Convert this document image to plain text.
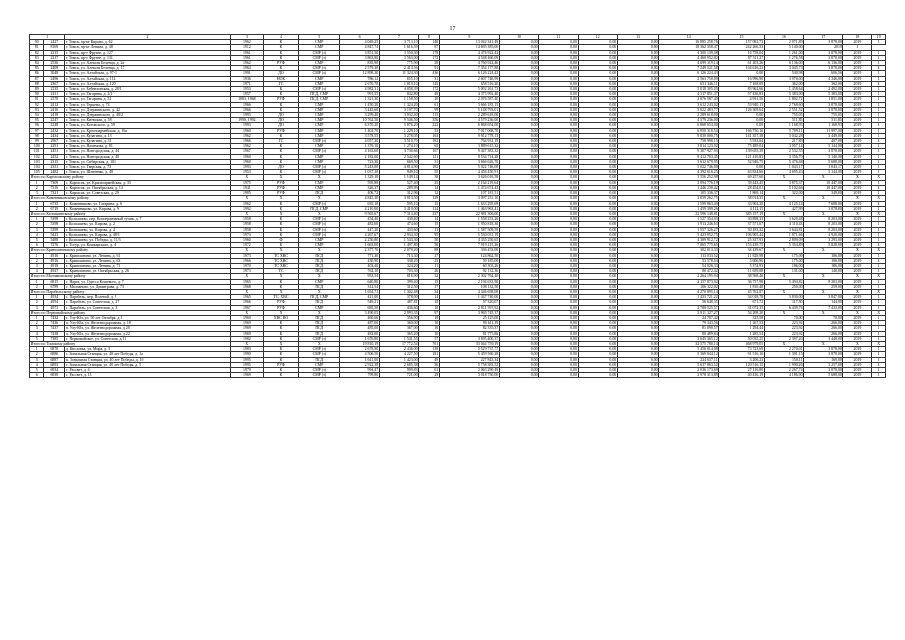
17
1		2	3	4	5	6	7	8	9	10	11	12	13	14	15	16	17	18	19
90	2427	г. Томск, пр-кт Кирова, д. 62	1962	К	СМР	4 049,25	3 713,10	140	13 042 341,49	0,00	0,00	0,00	0,00	16 885 258,76	157 082,73	2 971,89	3 878,00	2019	1
81	8169	г. Томск, пр-кт Ленина, д. 48	1912	К	СМР	4 847,74	1 616,59	87	14 695 385,00	0,00	0,00	0,00	0,00	18 362 358,47	242 266,53	5 140,00	2019	1	
82	2215	г. Томск, пр-т Фрунзе, д. 127	1961	К	СМР (з)	3 851,50	3 550,30	178	4 476 922,42	0,00	0,00	0,00	0,00	4 300 139,38	16 758,04	1 261,00	3 878,00	2019	1
83	2217	г. Томск, пр-т Фрунзе, д. 131	1961	К	СМР (з)	3 863,80	3 563,00	172	4 548 460,09	0,00	0,00	0,00	0,00	4 460 952,82	87 511,27	1 276,58	3 878,00	2019	1
84	2536	г. Томск, ул. Алексея Беленца, д. 2а	1962	РУФ	СМР	835,90	775,90	29	4 760 922,46	0,00	0,00	0,00	0,00	4 699 119,14	61 203,26	6 136,00	6 136,00	2019	1
85	2409	г. Томск, ул. Алексея Беленца, д. 17	1964	К	СМР (з)	2 579,30	2 414,56	91	7 354 177,80	0,00	0,00	0,00	0,00	7 249 521,58	104 616,22	3 045,73	3 878,00	2019	1
86	3048	г. Томск, ул. Алтайская, д. 97-1	1991	ДО	СМР (з)	12 898,30	11 324,30	436	6 126 224,43	0,00	0,00	0,00	0,00	6 126 224,43	0,00	540,98	606,56	2019	1
87	2496	г. Томск, ул. Алтайская, д. 114	1936	НОК	СМР	786,12	655,10	31	2 607 746,99	0,00	0,00	0,00	0,00	2 563 750,09	16 996,90	3 970,00	4 346,00	2019	1
88	2367	г. Томск, ул. Алтайская, д. 120	1971	ГС	СМР	2 670,70	1 819,10	145	658 516,20	0,00	0,00	0,00	0,00	651 346,11	7 168,09	362,00	362,00	2019	1
89	2235	г. Томск, ул. Бейнеховская, д. 28/1	1953	К	СМР (з)	4 982,31	4 058,39	172	5 002 261,73	0,00	0,00	0,00	0,00	5 018 305,05	83 962,66	1 458,64	2 492,00	2019	1
90	2411	г. Томск, ул. Гагарина, д. 2/1	1957	К	ПСД, СМР	991,35	842,80	49	4 375 992,40	0,00	0,00	0,00	0,00	4 317 851,37	57 436,83	5 383,00	5 383,00	2019	1
91	2570	г. Томск, ул. Гагарина, д. 52	1883, 1968	РУФ	ПСД, СМР	1 321,30	1 158,50	20	2 076 587,40	0,00	0,00	0,00	0,00	2 076 587,40	4 931,56	1 802,72	1 851,00	2019	1
92	2412	г. Томск, ул. Герцена, д. 74	1966	К	СМР	1 450,20	1 324,20	61	3 666 183,15	0,00	0,00	0,00	0,00	3 612 243,02	53 940,13	2 768,60	3 878,00	2019	1
93	2416	г. Томск, ул. Дзержинского, д. 42	1966	К	СМР	3 445,60	3 197,70	99	5 148 793,01	0,00	0,00	0,00	0,00	5 022 483,77	126 309,64	2 551,52	3 878,00	2019	1
94	2418	г. Томск, ул. Дзержинского, д. 48/2	1993	ДО	СМР	3 299,40	3 032,40	115	2 289 618,00	0,00	0,00	0,00	0,00	2 289 618,00	0,00	755,05	755,05	2019	1
95	2247	г. Томск, ул. Киевская, д. 58	1990, 1992	ДО	СМР	10 762,50	9 546,50	356	4 579 236,00	0,00	0,00	0,00	0,00	4 579 236,00	0,00	511,85	511,85	2019	1
96	2248	г. Томск, ул. Котовского, д. 59	1993	ДО	СМР	6 370,20	5 876,20	222	6 868 654,00	0,00	0,00	0,00	0,00	6 868 654,00	0,00	1 168,93	1 168,93	2019	1
97	2432	г. Томск, ул. Красноармейская, д. 16а	1960	РУФ	СМР	1 402,70	1 229,10	53	7 017 068,70	0,00	0,00	0,00	0,00	6 850 318,54	166 750,16	5 709,11	11 997,00	2019	1
98	2434	г. Томск, ул. Кулагина, д. 13	1962	К	СМР	3 578,55	3 278,05	163	9 912 778,13	0,00	0,00	0,00	0,00	9 830 000,75	141 357,38	3 042,28	3 449,00	2019	1
99	2967	г. Томск, ул. Кулагина, д. 31	1966	ГС	СМР (з)	4 057,30	3 510,70	182	764 931,19	0,00	0,00	0,00	0,00	758 998,15	5 933,04	217,89	407,00	2019	1
100	2291	г. Томск, ул. Нахимова, д. 81	1962	К	СМР	1 376,10	1 274,10	65	3 889 615,32	0,00	0,00	0,00	0,00	3 814 123,92	75 489,04	3 057,14	5 144,00	2019	1
101	2451	г. Томск, ул. Новгородская, д. 44	1967	К	СМР (з)	4 163,60	3 730,66	167	9 447 383,32	0,00	0,00	0,00	0,00	9 307 927,93	139 655,39	2 532,55	3 878,00	2019	1
102	2452	г. Томск, ул. Новгородская, д. 48	1960	К	СМР	2 182,00	2 542,60	121	8 534 714,28	0,00	0,00	0,00	0,00	8 412 703,45	121 410,83	3 356,70	5 140,00	2019	1
103	2315	г. Томск, ул. Сибирская, д. 101	1960	К	СМР	723,30	669,50	31	3 666 626,70	0,00	0,00	0,00	0,00	3 612 679,95	52 946,75	5 476,68	5 688,00	2019	1
104	2331	г. Томск, ул. Тверская, д. 73	1993	ДО	СМР (з)	5 243,00	4 814,90	182	5 022 746,00	0,00	0,00	0,00	0,00	5 022 746,00	0,00	1 043,17	1 043,17	2019	1
105	2482	г. Томск, ул. Шевченко, д. 48	1953	К	СМР (з)	1 037,30	949,10	55	4 456 450,91	0,00	0,00	0,00	0,00	4 392 616,25	63 834,66	4 695,43	5 144,00	2019	1
Итого по Каргасокскому району			X	X	X	1 329,18	1 149,14	38	3 626 016,58	0,00	0,00	0,00	0,00	3 556 252,98	69 257,60	X	X	X	X
1	7309	с. Каргасок, ул. Красноармейская, д. 35	1975	РУФ	СМР	595,88	527,40	25	2 164 219,64	0,00	0,00	0,00	0,00	2 094 776,19	39 443,45	3 875,37	10 447,00	2019	1
2	7316	с. Каргасок, ул. Октябрьская, д. 14	1941	РУФ	СМР	326,37	289,99	14	1 474 674,43	0,00	0,00	0,00	0,00	1 446 230,42	28 454,01	5 102,66	10 447,00	2019	1
3	7321	с. Каргасок, ул. Советская, д. 29	1985	РУФ	ПСД	406,72	312,96	12	107 181,51	0,00	0,00	0,00	0,00	105 336,37	1 869,14	322,00	349,00	2019	1
Итого по Кожевниковскому району			X	X	X	4 845,30	3 813,50	129	3 097 251,10	0,00	0,00	0,00	0,00	3 059 262,75	38 014,35	X	X	X	X
1	6735	с. Кожевниково, ул. Гагарина, д. 6	1962	К	СМР (з)	635,10	595,10	15	1 633 295,69	0,00	0,00	0,00	0,00	1 599 863,49	33 902,20	4 125,14	7 688,00	2019	1
2	6719	с. Кожевниково, ул. Кирова, д. 9	1992	К	ПСД, СМР	4 210,00	3 419,00	114	1 463 963,41	0,00	0,00	0,00	0,00	1 459 399,26	4 112,15	427,99	3 878,00	2019	1
Итого по Колпашевскому району			X	X	X	9 565,67	7 314,40	237	22 981 306,00	0,00	0,00	0,00	0,00	22 596 148,81	385 157,19	X	X	X	X
1	5398	г. Колпашево, пер. Кооперативный тупик, д. 7	1958	К	СМР (з)	454,40	430,40	14	1 558 253,26	0,00	0,00	0,00	0,00	1 527 354,93	30 898,33	3 620,48	8 203,00	2019	1
2	5398	г. Колпашево, ул. Кирова, д. 2	1958	К	СМР (з)	482,60	474,60	15	1 950 818,30	0,00	0,00	0,00	0,00	1 913 246,63	37 571,67	4 110,43	8 203,00	2019	1
3	5399	г. Колпашево, ул. Кирова, д. 4	1958	К	СМР (з)	447,20	433,60	13	1 587 509,59	0,00	0,00	0,00	0,00	1 557 326,27	30 183,32	3 644,81	8 203,00	2019	1
4	5423	г. Колпашево, ул. Кирова, д. 48/1	1974	К	СМР (з)	4 267,67	2 934,30	95	5 530 031,19	0,00	0,00	0,00	0,00	5 423 052,75	106 905,44	1 871,66	4 920,00	2019	1
5	5488	г. Колпашево, ул. Победы, д. 11/3	1960	Ф	СМР	2 250,80	1 543,30	50	4 335 250,65	0,00	0,00	0,00	0,00	4 309 912,72	25 337,93	2 809,09	3 293,00	2019	1
6	7276	с. Тогур, ул. Кошкарского, д. 4	1972	К	СМР	1 663,00	1 497,80	50	7 919 215,26	0,00	0,00	0,00	0,00	7 865 775,65	153 439,75	5 354,89	5 828,00	2019	1
Итого по Кривошеинскому району			X	X	X	2 377,70	2 079,20	89	336 453,00	0,00	0,00	0,00	0,00	302 013,33	34 439,67	X	X	X	X
1	4916	с. Кривошеино, ул. Ленина, д. 61	1973	ТС ХВС	ПСД	771,30	713,30	27	124 862,50	0,00	0,00	0,00	0,00	113 033,52	11 828,98	175,00	186,00	2019	1
2	4916	с. Кривошеино, ул. Ленина, д. 63	1966	ТС ХВС	ПСД	430,90	338,20	25	59 185,00	0,00	0,00	0,00	0,00	53 578,04	5 606,96	175,00	186,00	2019	1
3	4918	с. Кривошеино, ул. Ленина, д. 71	1970	ТС ХВС	ПСД	403,40	324,20	11	60 303,26	0,00	0,00	0,00	0,00	54 926,33	5 374,93	186,00	186,00	2019	1
4	4927	с. Кривошеино, ул. Октябрьская, д. 26	1973	ТС	ПСД	762,10	703,30	26	92 132,36	0,00	0,00	0,00	0,00	80 472,42	11 659,88	131,00	140,00	2019	1
Итого по Молчановскому району			X	X	X	953,54	816,90	32	2 302 764,40	0,00	0,00	0,00	0,00	2 264 195,94	38 568,46	X	X	X	X
1	6815	с. Нарга, ул. Одесса Кошевого, д. 7	1965	К	СМР	640,80	399,40	15	2 194 633,90	0,00	0,00	0,00	0,00	2 157 873,92	36 757,98	5 494,82	8 203,00	2019	1
2	6789	с. Молчаново, ул. Димитрова, д. 73	1968	К	ПСД	312,54	312,50	17	108 132,50	0,00	0,00	0,00	0,00	106 322,02	1 810,48	250,00	259,00	2019	1
Итого по Парабельскому району			X	X	X	1 654,71	1 302,48	34	4 346 658,00	0,00	0,00	0,00	0,00	4 270 895,14	45 762,87	X	X	X	X
1	4934	с. Парабель, пер. Полевой, д. 1	1965	ТС, ХВС	ПСД, СМР	421,00	378,00	14	1 447 740,00	0,00	0,00	0,00	0,00	1 433 721,22	34 018,78	3 830,00	3 847,00	2019	1
2	4954	с. Парабель, ул. Советская, д. 27	1966	РУФ	ПСД	549,21	487,81	10	57 320,07	0,00	0,00	0,00	0,00	56 648,35	671,72	117,50	144,00	2019	1
3	4971	с. Парабель, ул. Советская, д. 3	1967	РУФ	СМР	685,50	436,60	10	2 811 597,92	0,00	0,00	0,00	0,00	2 780 525,57	31 072,35	6 439,76	7 433,00	2019	1
Итого по Первомайскому району			X	X	X	3 490,05	2 993,35	97	3 965 745,37	0,00	0,00	0,00	0,00	3 911 327,27	54 208,20	X	X	X	X
1	7432	с. Улу-Юл, ул. 50 лет Октября, д.1	1960	ХВС ВО	ПСД	460,66	356,90	10	25 125,00	0,00	0,00	0,00	0,00	24 707,42	325,58	70,00	70,00	2019	1
2	7436	п. Улу-Юл, ул. Железнодорожная, д. 18	1969	К	ПСД	487,00	360,00	10	90 611,19	0,00	0,00	0,00	0,00	79 343,56	1 267,53	223,92	266,00	2019	1
3	7437	п. Улу-Юл, ул. Железнодорожная, д.20	1969	К	ПСД	485,00	367,00	10	82 335,37	0,00	0,00	0,00	0,00	81 090,57	1 294,44	223,92	266,00	2019	1
4	7438	п. Улу-Юл, ул. Железнодорожная, д.22	1969	К	ПСД	482,00	365,20	10	81 775,86	0,00	0,00	0,00	0,00	80 489,84	1 285,54	223,92	266,00	2019	1
5	7385	с. Первомайское, ул. Советская, д.11	1982	К	СМР (з)	1 676,80	1 541,55	57	3 695 400,37	0,00	0,00	0,00	0,00	3 645 365,12	50 035,25	2 397,20	3 448,00	2019	1
Итого по Томскому району			X	X	X	19 810,19	17 772,54	761	33 044 759,19	0,00	0,00	0,00	0,00	32 575 780,14	468 979,05	X	X	X	X
1	6870	д. Кисловка, ул. Мира, д. 3	1983	К	СМР (з)	2 678,90	2 436,00	139	5 529 737,77	0,00	0,00	0,00	0,00	5 456 014,08	73 723,69	2 270,01	3 878,00	2019	1
2	6886	с. Зональная Станция, ул. 40 лет Победы, д. 1а	1990	К	СМР (з)	4 506,50	4 227,50	181	5 459 560,28	0,00	0,00	0,00	0,00	5 369 844,12	91 516,16	1 391,15	3 878,00	2019	1
3	6887	п. Зональная Станция, ул. 40 лет Победы, д. 1б	1995	К	ПСД	1 641,00	1 423,00	49	227 843,34	0,00	0,00	0,00	0,00	224 637,11	3 206,23	150,11	169,00	2019	1
4	6893	с. Зональная Станция, ул. 40 лет Победы, д. 5	1995	РУФ	СМР	2 922,38	2 685,38	56	5 758 383,52	0,00	0,00	0,00	0,00	5 637 863,52	120 516,15	1 990,26	3 257,00	2019	1
5	6934	с. Рассвет, д. 4	1979	К	СМР (з)	994,47	909,83	61	2 063 290,49	0,00	0,00	0,00	0,00	2 036 173,69	27 116,80	2 267,74	3 878,00	2019	1
6	6939	с. Рассвет, д. 13	1969	К	СМР (з)	799,80	721,00	29	3 018 750,00	0,00	0,00	0,00	0,00	2 978 313,89	40 436,19	4 186,90	5 688,00	2019	1
